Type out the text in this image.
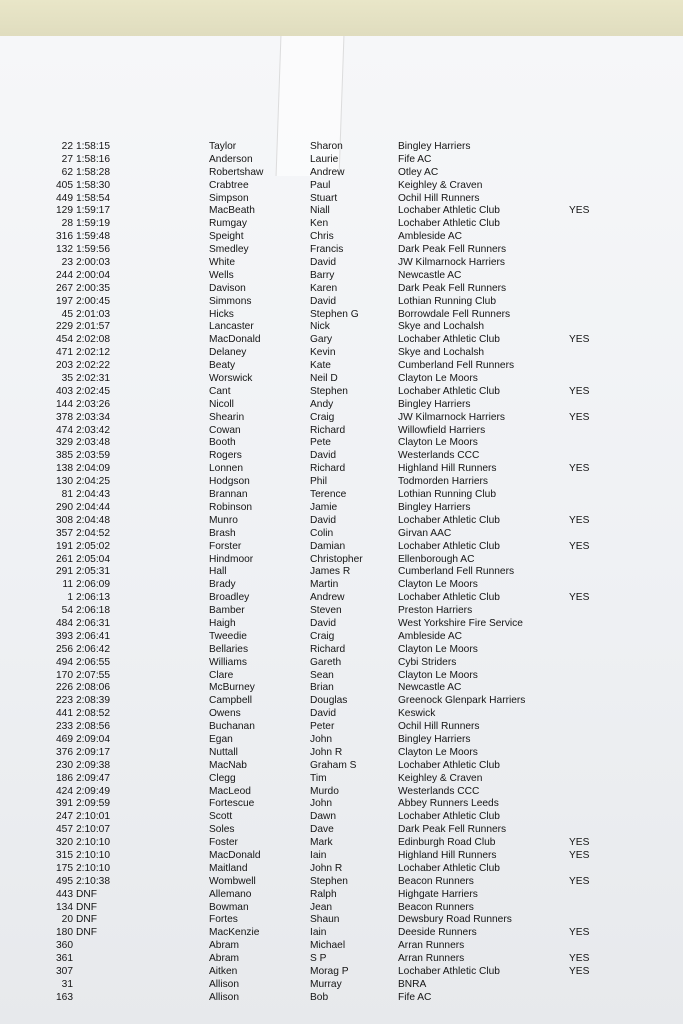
22 1:58:15	Taylor	Sharon	Bingley Harriers
27 1:58:16	Anderson	Laurie	Fife AC
62 1:58:28	Robertshaw	Andrew	Otley AC
405 1:58:30	Crabtree	Paul	Keighley & Craven
449 1:58:54	Simpson	Stuart	Ochil Hill Runners
129 1:59:17	MacBeath	Niall	Lochaber Athletic Club	YES
28 1:59:19	Rumgay	Ken	Lochaber Athletic Club
316 1:59:48	Speight	Chris	Ambleside AC
132 1:59:56	Smedley	Francis	Dark Peak Fell Runners
23 2:00:03	White	David	JW Kilmarnock Harriers
244 2:00:04	Wells	Barry	Newcastle AC
267 2:00:35	Davison	Karen	Dark Peak Fell Runners
197 2:00:45	Simmons	David	Lothian Running Club
45 2:01:03	Hicks	Stephen G	Borrowdale Fell Runners
229 2:01:57	Lancaster	Nick	Skye and Lochalsh
454 2:02:08	MacDonald	Gary	Lochaber Athletic Club	YES
471 2:02:12	Delaney	Kevin	Skye and Lochalsh
203 2:02:22	Beaty	Kate	Cumberland Fell Runners
35 2:02:31	Worswick	Neil D	Clayton Le Moors
403 2:02:45	Cant	Stephen	Lochaber Athletic Club	YES
144 2:03:26	Nicoll	Andy	Bingley Harriers
378 2:03:34	Shearin	Craig	JW Kilmarnock Harriers	YES
474 2:03:42	Cowan	Richard	Willowfield Harriers
329 2:03:48	Booth	Pete	Clayton Le Moors
385 2:03:59	Rogers	David	Westerlands CCC
138 2:04:09	Lonnen	Richard	Highland Hill Runners	YES
130 2:04:25	Hodgson	Phil	Todmorden Harriers
81 2:04:43	Brannan	Terence	Lothian Running Club
290 2:04:44	Robinson	Jamie	Bingley Harriers
308 2:04:48	Munro	David	Lochaber Athletic Club	YES
357 2:04:52	Brash	Colin	Girvan AAC
191 2:05:02	Forster	Damian	Lochaber Athletic Club	YES
261 2:05:04	Hindmoor	Christopher	Ellenborough AC
291 2:05:31	Hall	James R	Cumberland Fell Runners
11 2:06:09	Brady	Martin	Clayton Le Moors
1 2:06:13	Broadley	Andrew	Lochaber Athletic Club	YES
54 2:06:18	Bamber	Steven	Preston Harriers
484 2:06:31	Haigh	David	West Yorkshire Fire Service
393 2:06:41	Tweedie	Craig	Ambleside AC
256 2:06:42	Bellaries	Richard	Clayton Le Moors
494 2:06:55	Williams	Gareth	Cybi Striders
170 2:07:55	Clare	Sean	Clayton Le Moors
226 2:08:06	McBurney	Brian	Newcastle AC
223 2:08:39	Campbell	Douglas	Greenock Glenpark Harriers
441 2:08:52	Owens	David	Keswick
233 2:08:56	Buchanan	Peter	Ochil Hill Runners
469 2:09:04	Egan	John	Bingley Harriers
376 2:09:17	Nuttall	John R	Clayton Le Moors
230 2:09:38	MacNab	Graham S	Lochaber Athletic Club
186 2:09:47	Clegg	Tim	Keighley & Craven
424 2:09:49	MacLeod	Murdo	Westerlands CCC
391 2:09:59	Fortescue	John	Abbey Runners Leeds
247 2:10:01	Scott	Dawn	Lochaber Athletic Club
457 2:10:07	Soles	Dave	Dark Peak Fell Runners
320 2:10:10	Foster	Mark	Edinburgh Road Club	YES
315 2:10:10	MacDonald	Iain	Highland Hill Runners	YES
175 2:10:10	Maitland	John R	Lochaber Athletic Club
495 2:10:38	Wombwell	Stephen	Beacon Runners	YES
443 DNF	Allemano	Ralph	Highgate Harriers
134 DNF	Bowman	Jean	Beacon Runners
20 DNF	Fortes	Shaun	Dewsbury Road Runners
180 DNF	MacKenzie	Iain	Deeside Runners	YES
360	Abram	Michael	Arran Runners
361	Abram	S P	Arran Runners	YES
307	Aitken	Morag P	Lochaber Athletic Club	YES
31	Allison	Murray	BNRA
163	Allison	Bob	Fife AC
